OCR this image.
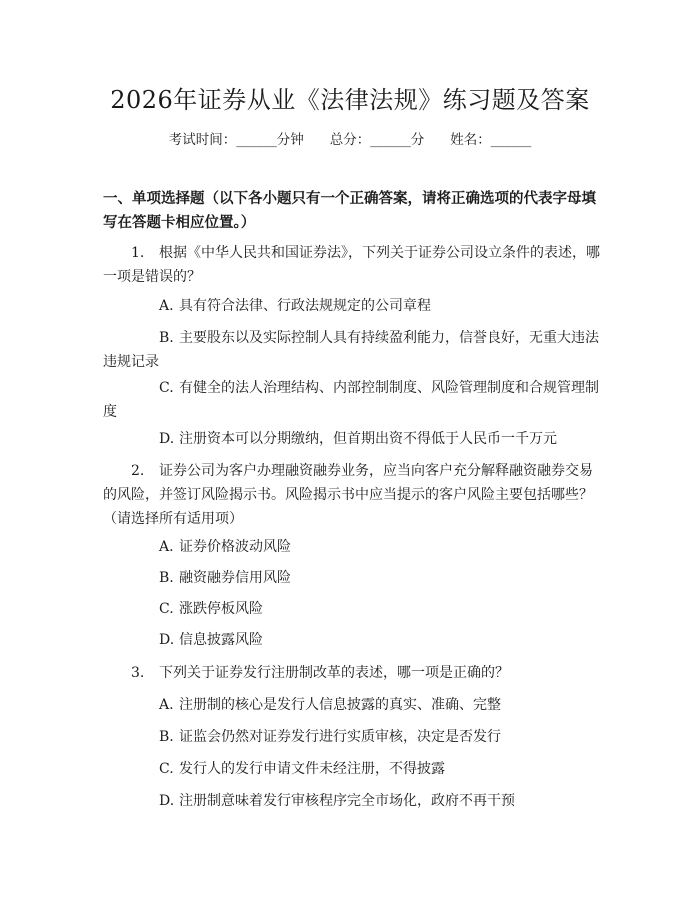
2026年证券从业《法律法规》练习题及答案
考试时间：______分钟 总分：______分 姓名：______
一、单项选择题（以下各小题只有一个正确答案，请将正确选项的代表字母填写在答题卡相应位置。）
1. 根据《中华人民共和国证券法》，下列关于证券公司设立条件的表述，哪一项是错误的？
A. 具有符合法律、行政法规规定的公司章程
B. 主要股东以及实际控制人具有持续盈利能力，信誉良好，无重大违法违规记录
C. 有健全的法人治理结构、内部控制制度、风险管理制度和合规管理制度
D. 注册资本可以分期缴纳，但首期出资不得低于人民币一千万元
2. 证券公司为客户办理融资融券业务，应当向客户充分解释融资融券交易的风险，并签订风险揭示书。风险揭示书中应当提示的客户风险主要包括哪些？（请选择所有适用项）
A. 证券价格波动风险
B. 融资融券信用风险
C. 涨跌停板风险
D. 信息披露风险
3. 下列关于证券发行注册制改革的表述，哪一项是正确的？
A. 注册制的核心是发行人信息披露的真实、准确、完整
B. 证监会仍然对证券发行进行实质审核，决定是否发行
C. 发行人的发行申请文件未经注册，不得披露
D. 注册制意味着发行审核程序完全市场化，政府不再干预
